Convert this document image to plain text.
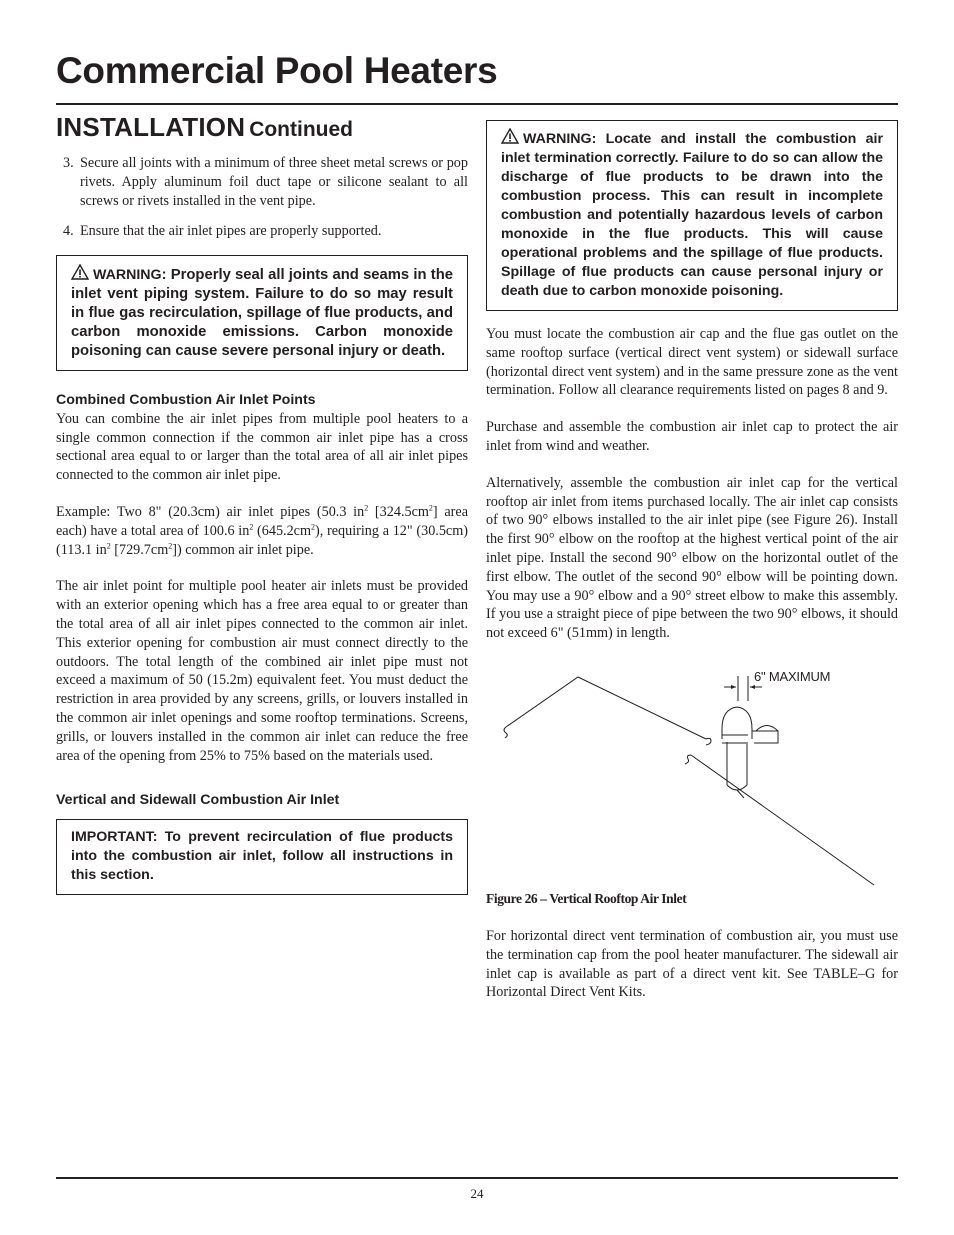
Commercial Pool Heaters
INSTALLATION Continued
3. Secure all joints with a minimum of three sheet metal screws or pop rivets. Apply aluminum foil duct tape or silicone sealant to all screws or rivets installed in the vent pipe.
4. Ensure that the air inlet pipes are properly supported.
WARNING: Properly seal all joints and seams in the inlet vent piping system. Failure to do so may result in flue gas recirculation, spillage of flue products, and carbon monoxide emissions. Carbon monoxide poisoning can cause severe personal injury or death.
Combined Combustion Air Inlet Points

You can combine the air inlet pipes from multiple pool heaters to a single common connection if the common air inlet pipe has a cross sectional area equal to or larger than the total area of all air inlet pipes connected to the common air inlet pipe.

Example: Two 8" (20.3cm) air inlet pipes (50.3 $in^2$ $[324.5cm^2]$ area each) have a total area of 100.6 $in^2$ $(645.2cm^2)$, requiring a 12" (30.5cm) (113.1 $in^2$ $[729.7cm^2]$) common air inlet pipe.

The air inlet point for multiple pool heater air inlets must be provided with an exterior opening which has a free area equal to or greater than the total area of all air inlet pipes connected to the common air inlet. This exterior opening for combustion air must connect directly to the outdoors. The total length of the combined air inlet pipe must not exceed a maximum of 50 (15.2m) equivalent feet. You must deduct the restriction in area provided by any screens, grills, or louvers installed in the common air inlet openings and some rooftop terminations. Screens, grills, or louvers installed in the common air inlet can reduce the free area of the opening from 25% to 75% based on the materials used.

Vertical and Sidewall Combustion Air Inlet
IMPORTANT: To prevent recirculation of flue products into the combustion air inlet, follow all instructions in this section.
WARNING: Locate and install the combustion air inlet termination correctly. Failure to do so can allow the discharge of flue products to be drawn into the combustion process. This can result in incomplete combustion and potentially hazardous levels of carbon monoxide in the flue products. This will cause operational problems and the spillage of flue products. Spillage of flue products can cause personal injury or death due to carbon monoxide poisoning.

You must locate the combustion air cap and the flue gas outlet on the same rooftop surface (vertical direct vent system) or sidewall surface (horizontal direct vent system) and in the same pressure zone as the vent termination. Follow all clearance requirements listed on pages 8 and 9.

Purchase and assemble the combustion air inlet cap to protect the air inlet from wind and weather.

Alternatively, assemble the combustion air inlet cap for the vertical rooftop air inlet from items purchased locally. The air inlet cap consists of two 90° elbows installed to the air inlet pipe (see Figure 26). Install the first 90° elbow on the rooftop at the highest vertical point of the air inlet pipe. Install the second 90° elbow on the horizontal outlet of the first elbow. The outlet of the second 90° elbow will be pointing down. You may use a 90° elbow and a 90° street elbow to make this assembly. If you use a straight piece of pipe between the two 90° elbows, it should not exceed 6" (51mm) in length.

6" MAXIMUM

Figure 26 – Vertical Rooftop Air Inlet

For horizontal direct vent termination of combustion air, you must use the termination cap from the pool heater manufacturer. The sidewall air inlet cap is available as part of a direct vent kit. See TABLE–G for Horizontal Direct Vent Kits.

24
